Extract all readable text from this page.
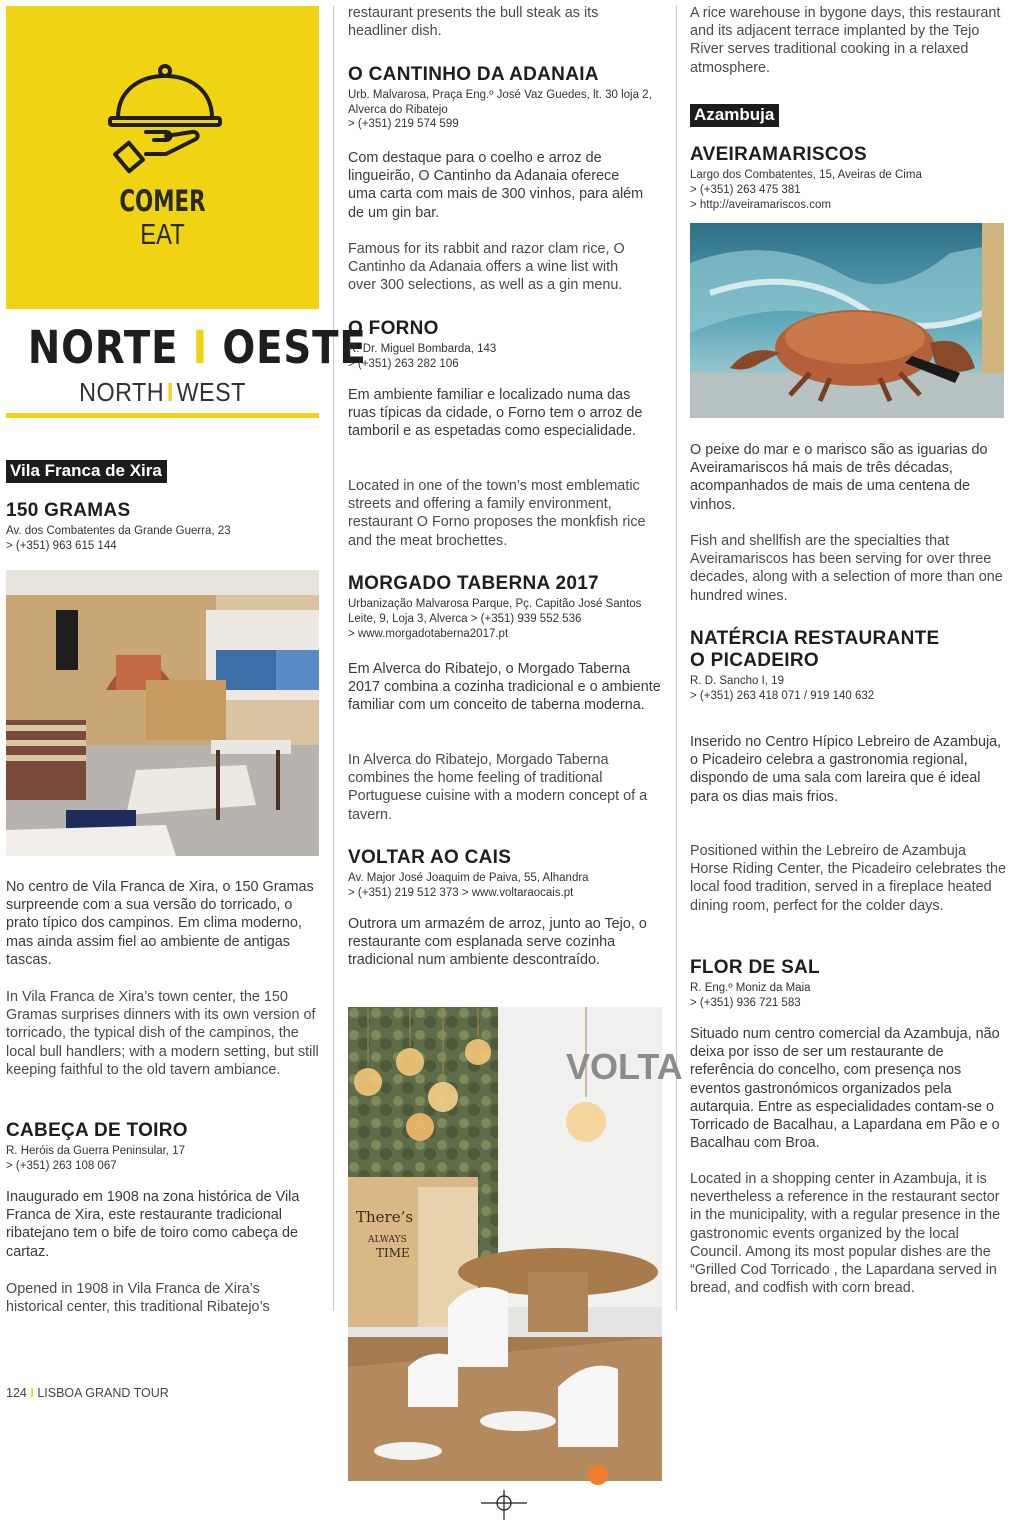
COMER
EAT
NORTE I OESTE
NORTH I WEST
Vila Franca de Xira
150 GRAMAS
Av. dos Combatentes da Grande Guerra, 23
> (+351) 963 615 144
No centro de Vila Franca de Xira, o 150 Gramas surpreende com a sua versão do torricado, o prato típico dos campinos. Em clima moderno, mas ainda assim fiel ao ambiente de antigas tascas.
In Vila Franca de Xira’s town center, the 150 Gramas surprises dinners with its own version of torricado, the typical dish of the campinos, the local bull handlers; with a modern setting, but still keeping faithful to the old tavern ambiance.
CABEÇA DE TOIRO
R. Heróis da Guerra Peninsular, 17
> (+351) 263 108 067
Inaugurado em 1908 na zona histórica de Vila Franca de Xira, este restaurante tradicional ribatejano tem o bife de toiro como cabeça de cartaz.
Opened in 1908 in Vila Franca de Xira’s historical center, this traditional Ribatejo’s
124 I LISBOA GRAND TOUR
restaurant presents the bull steak as its headliner dish.
O CANTINHO DA ADANAIA
Urb. Malvarosa, Praça Eng.º José Vaz Guedes, lt. 30 loja 2, Alverca do Ribatejo
> (+351) 219 574 599
Com destaque para o coelho e arroz de lingueirão, O Cantinho da Adanaia oferece uma carta com mais de 300 vinhos, para além de um gin bar.
Famous for its rabbit and razor clam rice, O Cantinho da Adanaia offers a wine list with over 300 selections, as well as a gin menu.
O FORNO
R. Dr. Miguel Bombarda, 143
> (+351) 263 282 106
Em ambiente familiar e localizado numa das ruas típicas da cidade, o Forno tem o arroz de tamboril e as espetadas como especialidade.
Located in one of the town’s most emblematic streets and offering a family environment, restaurant O Forno proposes the monkfish rice and the meat brochettes.
MORGADO TABERNA 2017
Urbanização Malvarosa Parque, Pç. Capitão José Santos Leite, 9, Loja 3, Alverca > (+351) 939 552 536
> www.morgadotaberna2017.pt
Em Alverca do Ribatejo, o Morgado Taberna 2017 combina a cozinha tradicional e o ambiente familiar com um conceito de taberna moderna.
In Alverca do Ribatejo, Morgado Taberna combines the home feeling of traditional Portuguese cuisine with a modern concept of a tavern.
VOLTAR AO CAIS
Av. Major José Joaquim de Paiva, 55, Alhandra
> (+351) 219 512 373 > www.voltaraocais.pt
Outrora um armazém de arroz, junto ao Tejo, o restaurante com esplanada serve cozinha tradicional num ambiente descontraído.
VOLTA
There’s
ALWAYS
TIME
A rice warehouse in bygone days, this restaurant and its adjacent terrace implanted by the Tejo River serves traditional cooking in a relaxed atmosphere.
Azambuja
AVEIRAMARISCOS
Largo dos Combatentes, 15, Aveiras de Cima
> (+351) 263 475 381
> http://aveiramariscos.com
O peixe do mar e o marisco são as iguarias do Aveiramariscos há mais de três décadas, acompanhados de mais de uma centena de vinhos.
Fish and shellfish are the specialties that Aveiramariscos has been serving for over three decades, along with a selection of more than one hundred wines.
NATÉRCIA RESTAURANTE
O PICADEIRO
R. D. Sancho I, 19
> (+351) 263 418 071 / 919 140 632
Inserido no Centro Hípico Lebreiro de Azambuja, o Picadeiro celebra a gastronomia regional, dispondo de uma sala com lareira que é ideal para os dias mais frios.
Positioned within the Lebreiro de Azambuja Horse Riding Center, the Picadeiro celebrates the local food tradition, served in a fireplace heated dining room, perfect for the colder days.
FLOR DE SAL
R. Eng.º Moniz da Maia
> (+351) 936 721 583
Situado num centro comercial da Azambuja, não deixa por isso de ser um restaurante de referência do concelho, com presença nos eventos gastronómicos organizados pela autarquia. Entre as especialidades contam-se o Torricado de Bacalhau, a Lapardana em Pão e o Bacalhau com Broa.
Located in a shopping center in Azambuja, it is nevertheless a reference in the restaurant sector in the municipality, with a regular presence in the gastronomic events organized by the local Council. Among its most popular dishes are the “Grilled Cod Torricado , the Lapardana served in bread, and codfish with corn bread.
